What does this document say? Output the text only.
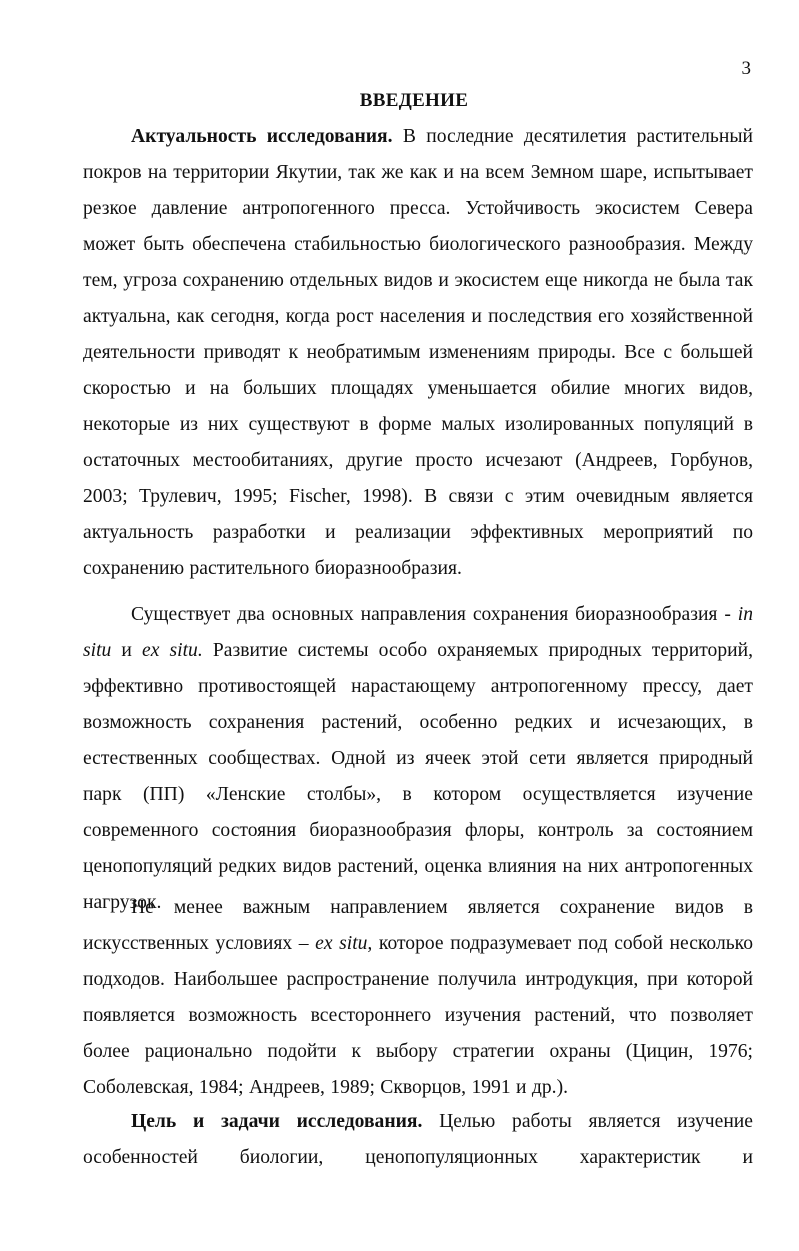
3
ВВЕДЕНИЕ

Актуальность исследования. В последние десятилетия растительный покров на территории Якутии, так же как и на всем Земном шаре, испытывает резкое давление антропогенного пресса. Устойчивость экосистем Севера может быть обеспечена стабильностью биологического разнообразия. Между тем, угроза сохранению отдельных видов и экосистем еще никогда не была так актуальна, как сегодня, когда рост населения и последствия его хозяйственной деятельности приводят к необратимым изменениям природы. Все с большей скоростью и на больших площадях уменьшается обилие многих видов, некоторые из них существуют в форме малых изолированных популяций в остаточных местообитаниях, другие просто исчезают (Андреев, Горбунов, 2003; Трулевич, 1995; Fischer, 1998). В связи с этим очевидным является актуальность разработки и реализации эффективных мероприятий по сохранению растительного биоразнообразия.

Существует два основных направления сохранения биоразнообразия - in situ и ex situ. Развитие системы особо охраняемых природных территорий, эффективно противостоящей нарастающему антропогенному прессу, дает возможность сохранения растений, особенно редких и исчезающих, в естественных сообществах. Одной из ячеек этой сети является природный парк (ПП) «Ленские столбы», в котором осуществляется изучение современного состояния биоразнообразия флоры, контроль за состоянием ценопопуляций редких видов растений, оценка влияния на них антропогенных нагрузок.

Не менее важным направлением является сохранение видов в искусственных условиях – ex situ, которое подразумевает под собой несколько подходов. Наибольшее распространение получила интродукция, при которой появляется возможность всестороннего изучения растений, что позволяет более рационально подойти к выбору стратегии охраны (Цицин, 1976; Соболевская, 1984; Андреев, 1989; Скворцов, 1991 и др.).

Цель и задачи исследования. Целью работы является изучение особенностей биологии, ценопопуляционных характеристик и
